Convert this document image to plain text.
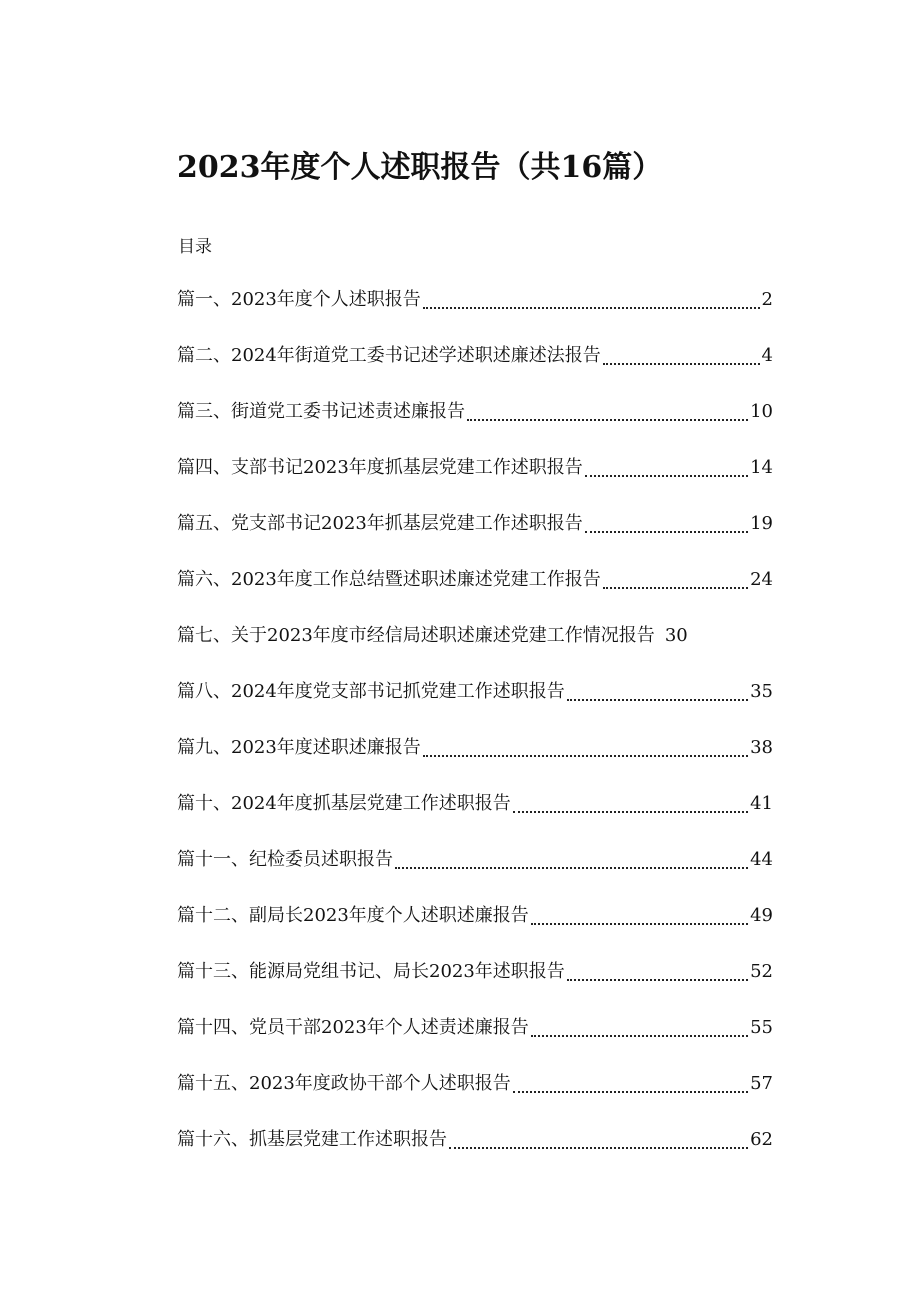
2023年度个人述职报告（共16篇）
目录
篇一、2023年度个人述职报告	2
篇二、2024年街道党工委书记述学述职述廉述法报告	4
篇三、街道党工委书记述责述廉报告	10
篇四、支部书记2023年度抓基层党建工作述职报告	14
篇五、党支部书记2023年抓基层党建工作述职报告	19
篇六、2023年度工作总结暨述职述廉述党建工作报告	24
篇七、关于2023年度市经信局述职述廉述党建工作情况报告 30
篇八、2024年度党支部书记抓党建工作述职报告	35
篇九、2023年度述职述廉报告	38
篇十、2024年度抓基层党建工作述职报告	41
篇十一、纪检委员述职报告	44
篇十二、副局长2023年度个人述职述廉报告	49
篇十三、能源局党组书记、局长2023年述职报告	52
篇十四、党员干部2023年个人述责述廉报告	55
篇十五、2023年度政协干部个人述职报告	57
篇十六、抓基层党建工作述职报告	62
